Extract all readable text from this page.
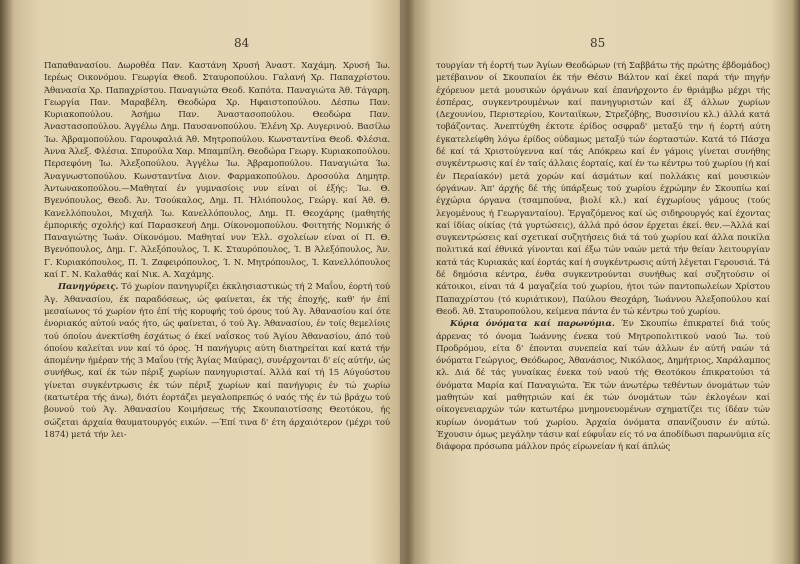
84

Παπαθανασίου. Δωροθέα Παν. Καστάνη Χρυσή Άναστ. Χαχάμη. Χρυσή Ίω. Ιερέως Οικονόμου. Γεωργία Θεοδ. Σταυροπούλου. Γαλανή Χρ. Παπαχρίστου. Άθανασία Χρ. Παπαχρίστου. Παναγιώτα Θεοδ. Καπότα. Παναγιώτα Άθ. Τάγαρη. Γεωργία Παν. Μαραβέλη. Θεοδώρα Χρ. Ηφαιστοπούλου. Δέσπω Παν. Κυριακοπούλου. Άσήμω Παν. Άναστασοπούλου. Θεοδώρα Παν. Άναστασοπούλου. Άγγέλω Δημ. Παυσανοπούλου. Έλένη Χρ. Αυγερινού. Βασίλω Ίω. Άβραμοπούλου. Γαρουφαλιά Άθ. Μητροπούλου. Κωνσταντίνα Θεοδ. Φλέσια. Άννα Άλεξ. Φλέσια. Σπυρούλα Χαρ. Μπαμπίλη. Θεοδώρα Γεωργ. Κυριακοπούλου. Περσεφόνη Ίω. Άλεξοπούλου. Άγγέλω Ίω. Άβραμοπούλου. Παναγιώτα Ίω. Άναγνωστοπούλου. Κωνσταντίνα Διον. Φαρμακοπούλου. Δροσούλα Δημητρ. Άντωνακοπούλου.—Μαθηταί έν γυμνασίοις νυν είναι οί έξής: Ίω. Θ. Βγενόπουλος, Θεοδ. Άν. Τσούκαλος, Δημ. Π. Ήλιόπουλος, Γεώργ. καί Άθ. Θ. Κανελλόπουλοι, Μιχαήλ Ίω. Κανελλόπουλος, Δημ. Π. Θεοχάρης (μαθητής έμπορικής σχολής) καί Παρασκευή Δημ. Οίκονομοπούλου. Φοιτητής Νομικής ό Παναγιώτης Ίωάν. Οίκονόμου. Μαθηταί νυν Έλλ. σχολείων είναι οί Π. Θ. Βγενόπουλος, Δημ. Γ. Άλεξόπουλος, Ί. Κ. Σταυρόπουλος, Ί. Β Άλεξόπουλος, Άν. Γ. Κυριακόπουλος, Π. Ί. Ζαφειρόπουλος, Ί. Ν. Μητρόπουλος, Ί. Κανελλόπουλος καί Γ. Ν. Καλαθάς καί Νικ. Α. Χαχάμης.

Πανηγύρεις. Τό χωρίον πανηγυρίζει έκκλησιαστικώς τή 2 Μαΐου, έορτή τού Άγ. Άθανασίου, έκ παραδόσεως, ώς φαίνεται, έκ τής έποχής, καθ' ήν έπί μεσαίωνος τό χωρίον ήτο έπί τής κορυφής τού όρους τού Άγ. Άθανασίου καί ότε ένοριακός αύτού ναός ήτο, ώς φαίνεται, ό τού Άγ. Άθανασίου, έν τοίς θεμελίοις τού όποίου άνεκτίσθη έσχάτως ό έκεί ναΐσκος τού Άγίου Άθανασίου, άπό τού όποίου καλείται νυν καί τό όρος. Ή πανήγυρις αύτη διατηρείται καί κατά τήν άπομένην ήμέραν τής 3 Μαΐου (τής Άγίας Μαύρας), συνέρχονται δ' είς αύτήν, ώς συνήθως, καί έκ τών πέριξ χωρίων πανηγυρισταί. Άλλά καί τή 15 Αύγούστου γίνεται συγκέντρωσις έκ τών πέριξ χωρίων καί πανήγυρις έν τώ χωρίω (κατωτέρα τής άνω), διότι έορτάζει μεγαλοπρεπώς ό ναός τής έν τώ βράχω τού βουνού τού Άγ. Άθανασίου Κοιμήσεως τής Σκουπαιοτίσσης Θεοτόκου, ής σώζεται άρχαία θαυματουργός εικών. —Έπί τινα δ' έτη άρχαιότερον (μέχρι τού 1874) μετά τήν λει-

85

τουργίαν τή έορτή των Άγίων Θεοδώρων (τή Σαββάτω τής πρώτης έβδομάδος) μετέβαινον οί Σκουπαίοι έκ τήν Θέσιν Βάλτον καί έκεί παρά τήν πηγήν έχόρευον μετά μουσικών όργάνων καί έπανήρχοντο έν θριάμβω μέχρι τής έσπέρας, συγκεντρουμένων καί πανηγυριστών καί έξ άλλων χωρίων (Δεχουνίου, Περιστερίου, Κονταιϊκων, Στρεζόβης, Βυσσινίου κλ.) άλλά κατά τοβάζοντας. Άνεπτύχθη έκτοτε έρίδος οσφραδ' μεταξύ την ή έορτή αύτη έγκατελείφθη λόγω έρίδος ούδαμως μεταξύ τών έορταστών. Κατά τό Πάσχα δέ καί τά Χριστούγεννα καί τάς Απόκρεω καί έν γάμοις γίνεται συνήθης συγκέντρωσις καί έν ταίς άλλαις έορταίς, καί έν τω κέντρω τού χωρίου (ή καί έν Περαίακόν) μετά χορών καί άσμάτων καί πολλάκις καί μουσικών όργάνων. Άπ' άρχής δέ τής ύπάρξεως τού χωρίου έχρώμην έν Σκουπίω καί έγχώρια όργανα (τσαμπούνα, βιολί κλ.) καί έγχωρίους γάμους (τούς λεγομένους ή Γεωργανταίου). Έργαζόμενος καί ώς σιδηρουργός καί έχοντας καί ίδίας οίκίας (τά γυρτώσεις), άλλά πρό όσον έρχεται έκεί. θεν.—Άλλά καί συγκεντρώσεις καί σχετικαί συζητήσεις διά τά τού χωρίου καί άλλα ποικίλα πολιτικά καί έθνικά γίνονται καί έξω τών ναών μετά τήν θείαν λειτουργίαν κατά τάς Κυριακάς καί έορτάς καί ή συγκέντρωσις αύτή λέγεται Γερουσιά. Τά δέ δημόσια κέντρα, ένθα συγκεντρούνται συνήθως καί συζητούσιν οί κάτοικοι, είναι τά 4 μαγαζεία τού χωρίου, ήτοι τών παντοπωλείων Χρίστου Παπαχρίστου (τό κυριάτικον), Παύλου Θεοχάρη, Ίωάννου Άλεξοπούλου καί Θεοδ. Άθ. Σταυροπούλου, κείμενα πάντα έν τώ κέντρω τού χωρίου.

Κύρια όνόματα καί παρωνύμια. Έν Σκουπίω έπικρατεί διά τούς άρρενας τό όνομα Ίωάννης ένεκα τού Μητροπολιτικού ναού Ίω. τού Προδρόμου, είτα δ' έπονται συνεπεία καί τών άλλων έν αύτή ναών τά όνόματα Γεώργιος, Θεόδωρος, Άθανάσιος, Νικόλαος, Δημήτριος, Χαράλαμπος κλ. Διά δέ τάς γυναίκας ένεκα τού ναού τής Θεοτόκου έπικρατούσι τά όνόματα Μαρία καί Παναγιώτα. Έκ τών άνωτέρω τεθέντων όνομάτων τών μαθητών καί μαθητριών καί έκ τών όνομάτων τών έκλογέων καί οίκογενειαρχών τών κατωτέρω μνημονευομένων σχηματίζει τις ίδέαν τών κυρίων όνομάτων τού χωρίου. Άρχαία όνόματα σπανίζουσιν έν αύτώ. Έχουσιν όμως μεγάλην τάσιν καί εύφυΐαν είς τό να άποδίδωσι παρωνύμια είς διάφορα πρόσωπα μάλλον πρός είρωνείαν ή καί άπλώς
